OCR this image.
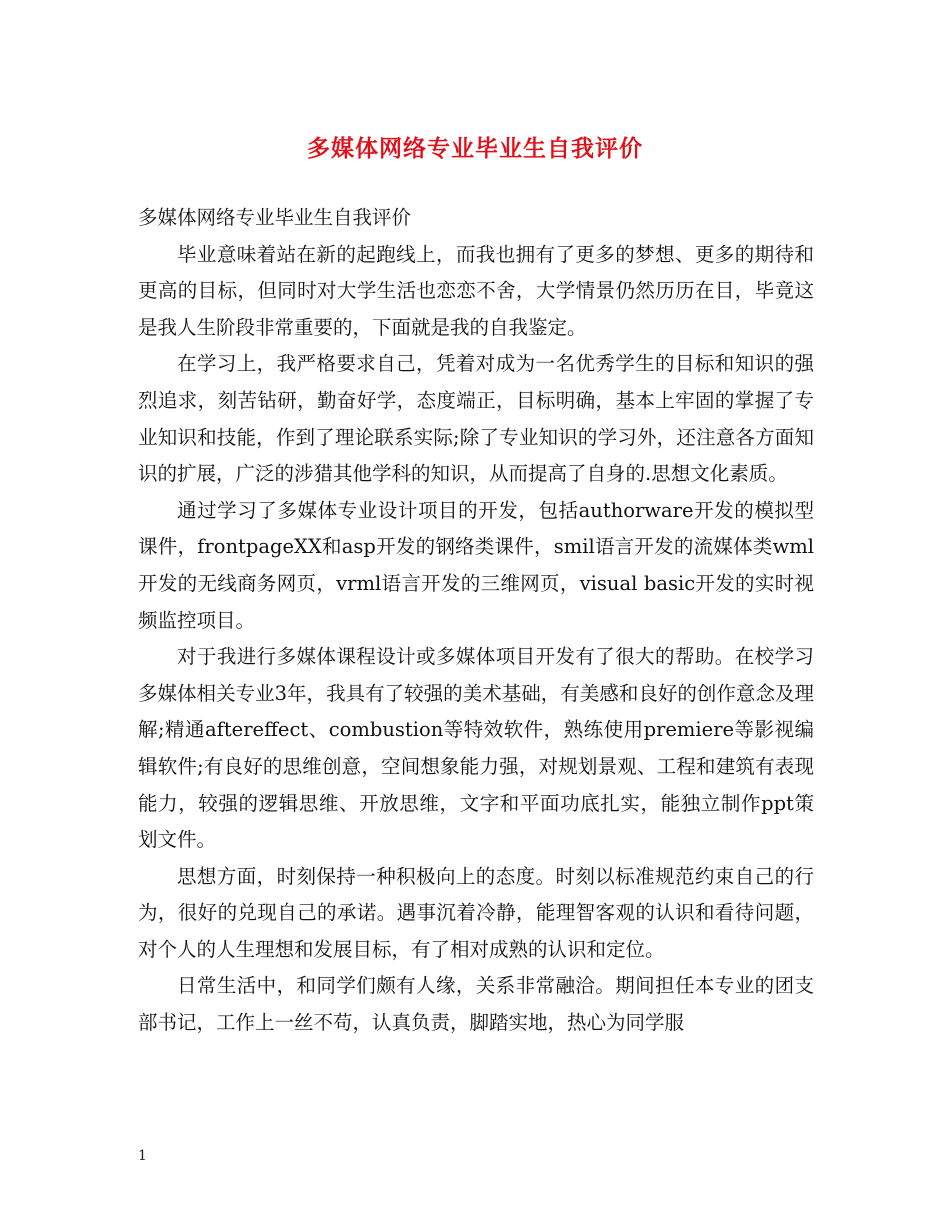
多媒体网络专业毕业生自我评价

多媒体网络专业毕业生自我评价

毕业意味着站在新的起跑线上，而我也拥有了更多的梦想、更多的期待和更高的目标，但同时对大学生活也恋恋不舍，大学情景仍然历历在目，毕竟这是我人生阶段非常重要的，下面就是我的自我鉴定。

在学习上，我严格要求自己，凭着对成为一名优秀学生的目标和知识的强烈追求，刻苦钻研，勤奋好学，态度端正，目标明确，基本上牢固的掌握了专业知识和技能，作到了理论联系实际;除了专业知识的学习外，还注意各方面知识的扩展，广泛的涉猎其他学科的知识，从而提高了自身的.思想文化素质。

通过学习了多媒体专业设计项目的开发，包括authorware开发的模拟型课件，frontpageXX和asp开发的钢络类课件，smil语言开发的流媒体类wml开发的无线商务网页，vrml语言开发的三维网页，visual basic开发的实时视频监控项目。

对于我进行多媒体课程设计或多媒体项目开发有了很大的帮助。在校学习多媒体相关专业3年，我具有了较强的美术基础，有美感和良好的创作意念及理解;精通aftereffect、combustion等特效软件，熟练使用premiere等影视编辑软件;有良好的思维创意，空间想象能力强，对规划景观、工程和建筑有表现能力，较强的逻辑思维、开放思维，文字和平面功底扎实，能独立制作ppt策划文件。

思想方面，时刻保持一种积极向上的态度。时刻以标准规范约束自己的行为，很好的兑现自己的承诺。遇事沉着冷静，能理智客观的认识和看待问题，对个人的人生理想和发展目标，有了相对成熟的认识和定位。

日常生活中，和同学们颇有人缘，关系非常融洽。期间担任本专业的团支部书记，工作上一丝不苟，认真负责，脚踏实地，热心为同学服

1
